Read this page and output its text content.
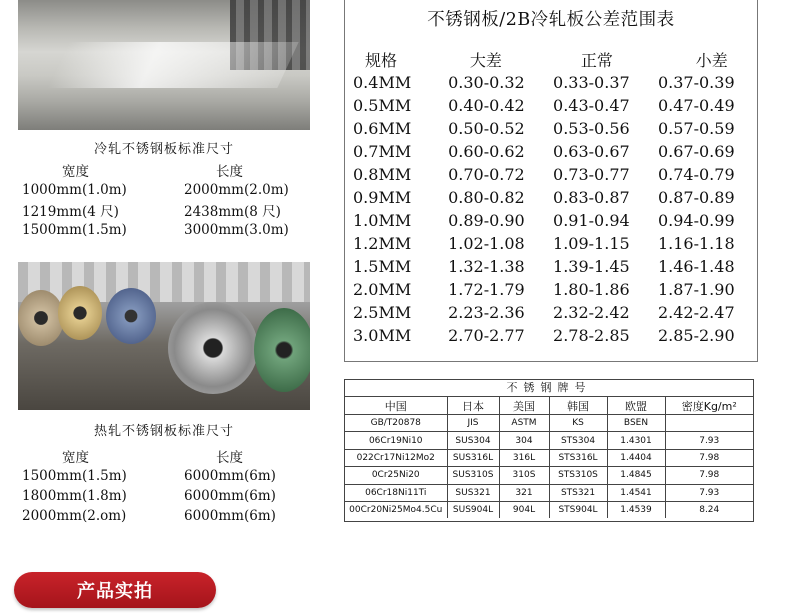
冷轧不锈钢板标准尺寸
宽度	长度
1000mm(1.0m)	2000mm(2.0m)
1219mm(4 尺)	2438mm(8 尺)
1500mm(1.5m)	3000mm(3.0m)
热轧不锈钢板标准尺寸
宽度	长度
1500mm(1.5m)	6000mm(6m)
1800mm(1.8m)	6000mm(6m)
2000mm(2.om)	6000mm(6m)
不锈钢板/2B冷轧板公差范围表
规格	大差	正常	小差
0.4MM	0.30-0.32	0.33-0.37	0.37-0.39
0.5MM	0.40-0.42	0.43-0.47	0.47-0.49
0.6MM	0.50-0.52	0.53-0.56	0.57-0.59
0.7MM	0.60-0.62	0.63-0.67	0.67-0.69
0.8MM	0.70-0.72	0.73-0.77	0.74-0.79
0.9MM	0.80-0.82	0.83-0.87	0.87-0.89
1.0MM	0.89-0.90	0.91-0.94	0.94-0.99
1.2MM	1.02-1.08	1.09-1.15	1.16-1.18
1.5MM	1.32-1.38	1.39-1.45	1.46-1.48
2.0MM	1.72-1.79	1.80-1.86	1.87-1.90
2.5MM	2.23-2.36	2.32-2.42	2.42-2.47
3.0MM	2.70-2.77	2.78-2.85	2.85-2.90
不锈钢牌号
中国	日本	美国	韩国	欧盟	密度Kg/m²
GB/T20878	JIS	ASTM	KS	BSEN	
06Cr19Ni10	SUS304	304	STS304	1.4301	7.93
022Cr17Ni12Mo2	SUS316L	316L	STS316L	1.4404	7.98
0Cr25Ni20	SUS310S	310S	STS310S	1.4845	7.98
06Cr18Ni11Ti	SUS321	321	STS321	1.4541	7.93
00Cr20Ni25Mo4.5Cu	SUS904L	904L	STS904L	1.4539	8.24
产品实拍
